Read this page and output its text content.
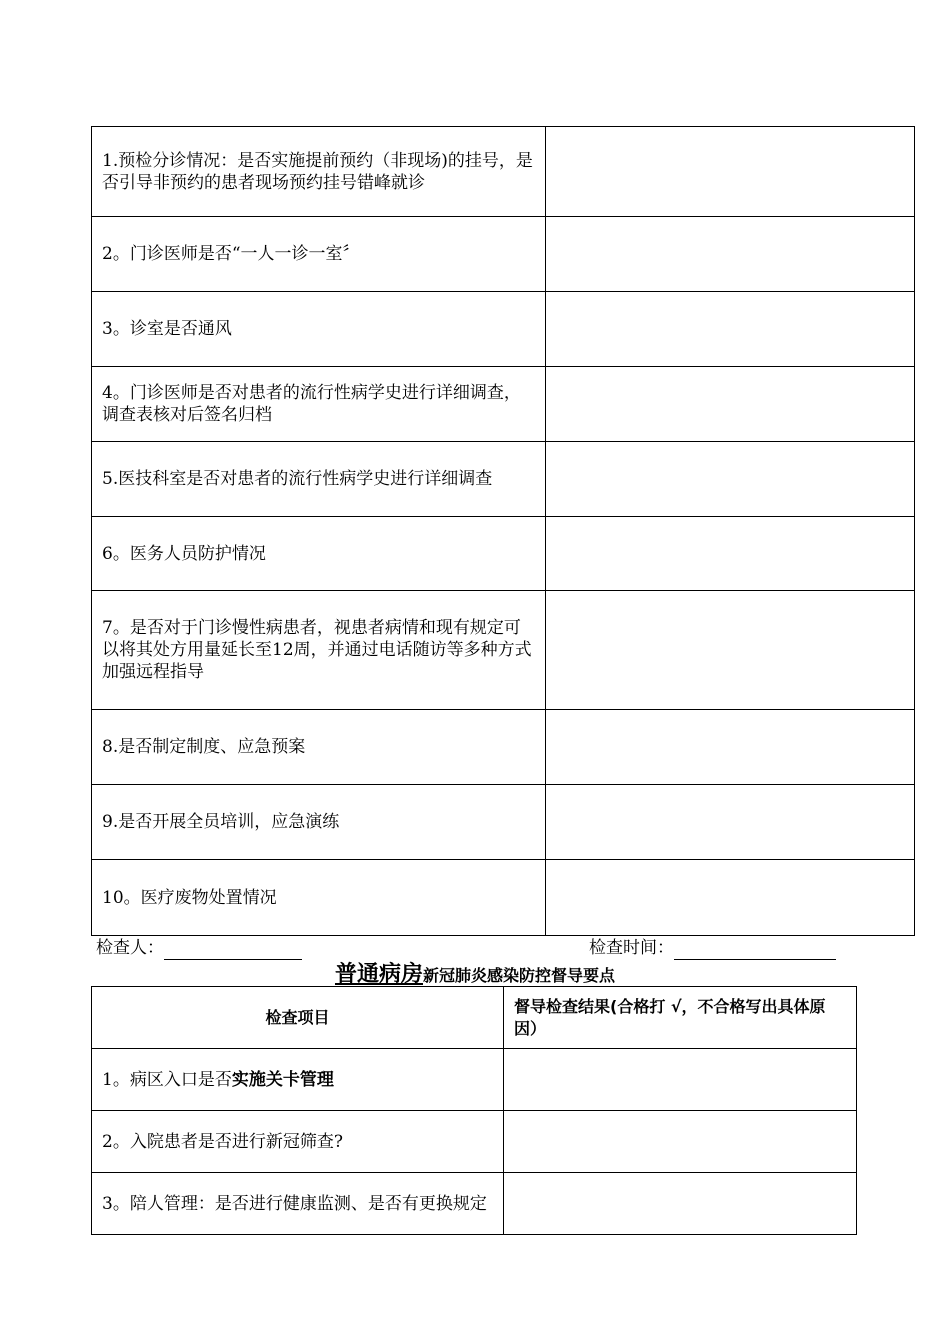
1.预检分诊情况：是否实施提前预约（非现场)的挂号，是否引导非预约的患者现场预约挂号错峰就诊	
2。门诊医师是否“一人一诊一室〞	
3。诊室是否通风	
4。门诊医师是否对患者的流行性病学史进行详细调查，调查表核对后签名归档	
5.医技科室是否对患者的流行性病学史进行详细调查	
6。医务人员防护情况	
7。是否对于门诊慢性病患者，视患者病情和现有规定可以将其处方用量延长至12周，并通过电话随访等多种方式加强远程指导	
8.是否制定制度、应急预案	
9.是否开展全员培训，应急演练	
10。医疗废物处置情况	
检查人：	检查时间：
普通病房新冠肺炎感染防控督导要点
检查项目	督导检查结果(合格打 √，不合格写出具体原因）
1。病区入口是否实施关卡管理	
2。入院患者是否进行新冠筛查?	
3。陪人管理：是否进行健康监测、是否有更换规定	
